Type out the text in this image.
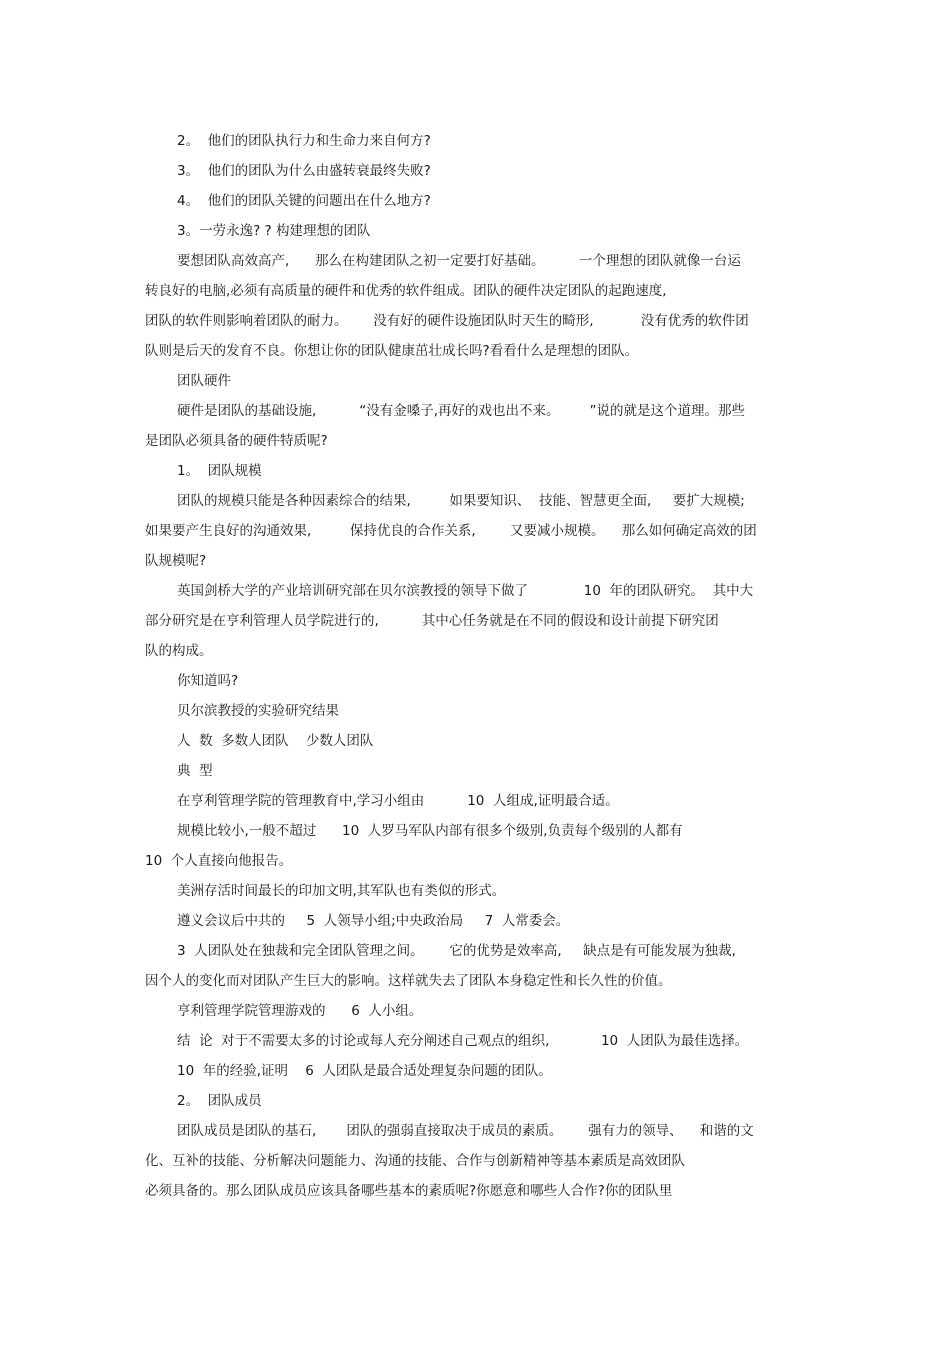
2。  他们的团队执行力和生命力来自何方?
3。  他们的团队为什么由盛转衰最终失败?
4。  他们的团队关键的问题出在什么地方?
3。一劳永逸? ? 构建理想的团队
要想团队高效高产,      那么在构建团队之初一定要打好基础。        一个理想的团队就像一台运
转良好的电脑,必须有高质量的硬件和优秀的软件组成。团队的硬件决定团队的起跑速度,
团队的软件则影响着团队的耐力。      没有好的硬件设施团队时天生的畸形,           没有优秀的软件团
队则是后天的发育不良。你想让你的团队健康茁壮成长吗?看看什么是理想的团队。
团队硬件
硬件是团队的基础设施,          “没有金嗓子,再好的戏也出不来。       ”说的就是这个道理。那些
是团队必须具备的硬件特质呢?
1。  团队规模
团队的规模只能是各种因素综合的结果,         如果要知识、  技能、智慧更全面,     要扩大规模;
如果要产生良好的沟通效果,         保持优良的合作关系,        又要减小规模。    那么如何确定高效的团
队规模呢?
英国剑桥大学的产业培训研究部在贝尔滨教授的领导下做了             10  年的团队研究。  其中大
部分研究是在亨利管理人员学院进行的,          其中心任务就是在不同的假设和设计前提下研究团
队的构成。
你知道吗?
贝尔滨教授的实验研究结果
人  数  多数人团队    少数人团队
典  型
在亨利管理学院的管理教育中,学习小组由          10  人组成,证明最合适。
规模比较小,一般不超过      10  人罗马军队内部有很多个级别,负责每个级别的人都有
10  个人直接向他报告。
美洲存活时间最长的印加文明,其军队也有类似的形式。
遵义会议后中共的     5  人领导小组;中央政治局     7  人常委会。
3  人团队处在独裁和完全团队管理之间。      它的优势是效率高,     缺点是有可能发展为独裁,
因个人的变化而对团队产生巨大的影响。这样就失去了团队本身稳定性和长久性的价值。
亨利管理学院管理游戏的      6  人小组。
结  论  对于不需要太多的讨论或每人充分阐述自己观点的组织,            10  人团队为最佳选择。
10  年的经验,证明    6  人团队是最合适处理复杂问题的团队。
2。  团队成员
团队成员是团队的基石,       团队的强弱直接取决于成员的素质。      强有力的领导、    和谐的文
化、互补的技能、分析解决问题能力、沟通的技能、合作与创新精神等基本素质是高效团队
必须具备的。那么团队成员应该具备哪些基本的素质呢?你愿意和哪些人合作?你的团队里
